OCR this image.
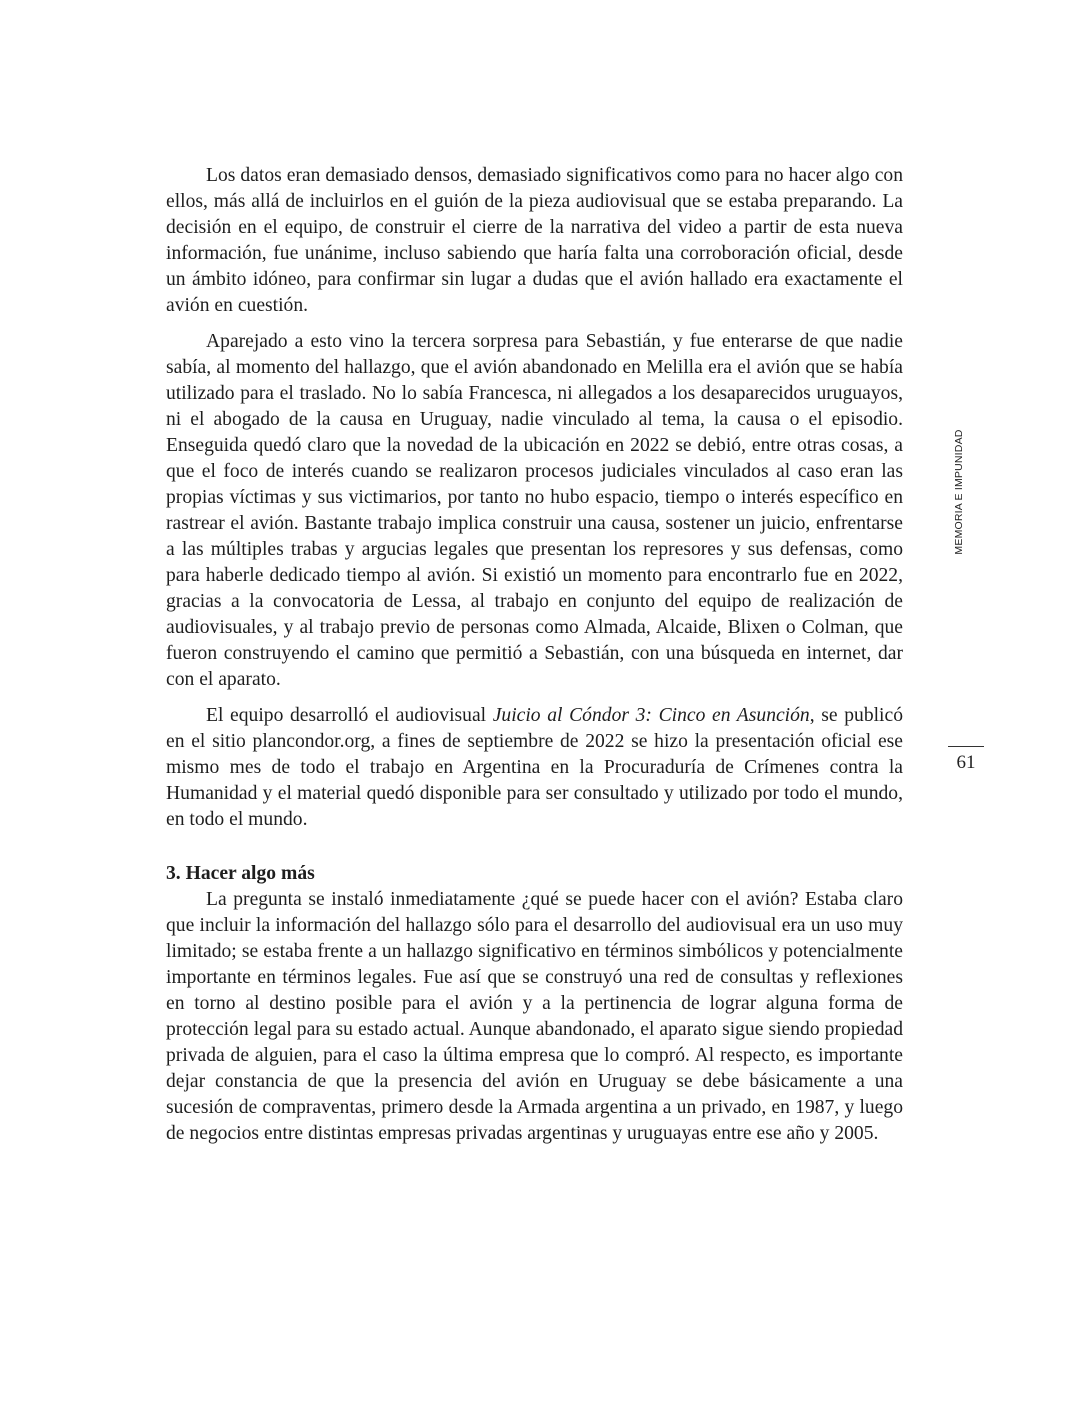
Los datos eran demasiado densos, demasiado significativos como para no hacer algo con ellos, más allá de incluirlos en el guión de la pieza audiovisual que se estaba preparando. La decisión en el equipo, de construir el cierre de la narrativa del video a partir de esta nueva información, fue unánime, incluso sabiendo que haría falta una corroboración oficial, desde un ámbito idóneo, para confirmar sin lugar a dudas que el avión hallado era exactamente el avión en cuestión.

Aparejado a esto vino la tercera sorpresa para Sebastián, y fue enterarse de que nadie sabía, al momento del hallazgo, que el avión abandonado en Melilla era el avión que se había utilizado para el traslado. No lo sabía Francesca, ni allegados a los desaparecidos uruguayos, ni el abogado de la causa en Uruguay, nadie vinculado al tema, la causa o el episodio. Enseguida quedó claro que la novedad de la ubicación en 2022 se debió, entre otras cosas, a que el foco de interés cuando se realizaron procesos judiciales vinculados al caso eran las propias víctimas y sus victimarios, por tanto no hubo espacio, tiempo o interés específico en rastrear el avión. Bastante trabajo implica construir una causa, sostener un juicio, enfrentarse a las múltiples trabas y argucias legales que presentan los represores y sus defensas, como para haberle dedicado tiempo al avión. Si existió un momento para encontrarlo fue en 2022, gracias a la convocatoria de Lessa, al trabajo en conjunto del equipo de realización de audiovisuales, y al trabajo previo de personas como Almada, Alcaide, Blixen o Colman, que fueron construyendo el camino que permitió a Sebastián, con una búsqueda en internet, dar con el aparato.

El equipo desarrolló el audiovisual Juicio al Cóndor 3: Cinco en Asunción, se publicó en el sitio plancondor.org, a fines de septiembre de 2022 se hizo la presentación oficial ese mismo mes de todo el trabajo en Argentina en la Procuraduría de Crímenes contra la Humanidad y el material quedó disponible para ser consultado y utilizado por todo el mundo, en todo el mundo.

3. Hacer algo más

La pregunta se instaló inmediatamente ¿qué se puede hacer con el avión? Estaba claro que incluir la información del hallazgo sólo para el desarrollo del audiovisual era un uso muy limitado; se estaba frente a un hallazgo significativo en términos simbólicos y potencialmente importante en términos legales. Fue así que se construyó una red de consultas y reflexiones en torno al destino posible para el avión y a la pertinencia de lograr alguna forma de protección legal para su estado actual. Aunque abandonado, el aparato sigue siendo propiedad privada de alguien, para el caso la última empresa que lo compró. Al respecto, es importante dejar constancia de que la presencia del avión en Uruguay se debe básicamente a una sucesión de compraventas, primero desde la Armada argentina a un privado, en 1987, y luego de negocios entre distintas empresas privadas argentinas y uruguayas entre ese año y 2005.

MEMORIA E IMPUNIDAD
61
